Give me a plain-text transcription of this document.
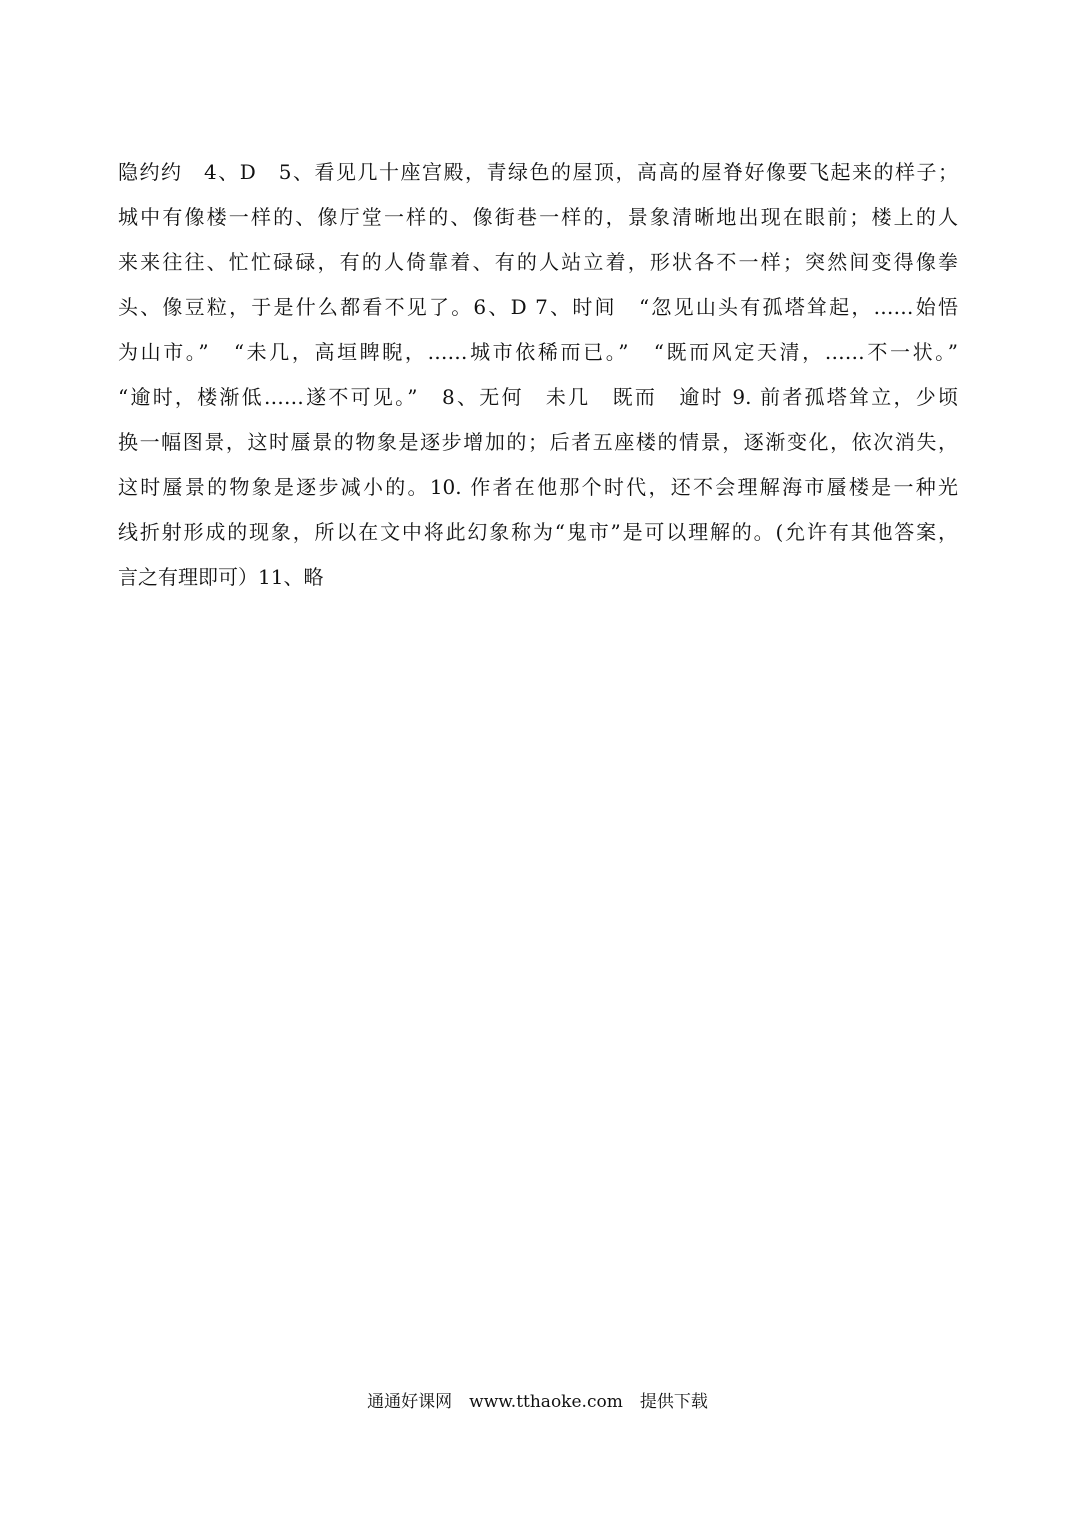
隐约约　4、D　5、看见几十座宫殿，青绿色的屋顶，高高的屋脊好像要飞起来的样子；
城中有像楼一样的、像厅堂一样的、像街巷一样的，景象清晰地出现在眼前；楼上的人
来来往往、忙忙碌碌，有的人倚靠着、有的人站立着，形状各不一样；突然间变得像拳
头、像豆粒，于是什么都看不见了。6、D 7、时间　“忽见山头有孤塔耸起，……始悟
为山市。”　“未几，高垣睥睨，……城市依稀而已。”　“既而风定天清，……不一状。”
“逾时，楼渐低……遂不可见。”　8、无何　未几　既而　逾时 9. 前者孤塔耸立，少顷
换一幅图景，这时蜃景的物象是逐步增加的；后者五座楼的情景，逐渐变化，依次消失，
这时蜃景的物象是逐步减小的。10. 作者在他那个时代，还不会理解海市蜃楼是一种光
线折射形成的现象，所以在文中将此幻象称为“鬼市”是可以理解的。(允许有其他答案，
言之有理即可）11、略
通通好课网　www.tthaoke.com　提供下载
